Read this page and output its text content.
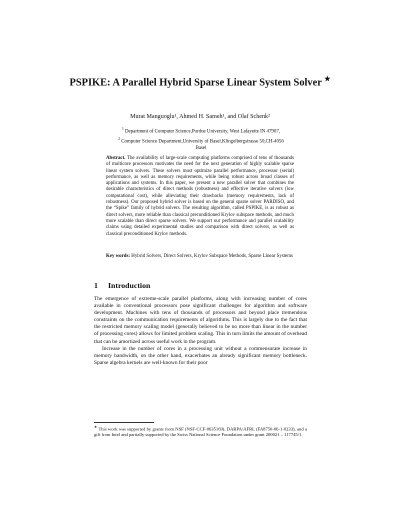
PSPIKE: A Parallel Hybrid Sparse Linear System Solver ★
Murat Manguoglu¹, Ahmed H. Sameh¹, and Olaf Schenk²
$^1$ Department of Computer Science,Purdue University, West Lafayette IN 47907,
$^2$ Computer Science Department,University of Basel,Klingelbergstrasse 50,CH-4056
Basel
Abstract. The availability of large-scale computing platforms comprised of tens of thousands of multicore processors motivates the need for the next generation of highly scalable sparse linear system solvers. These solvers must optimize parallel performance, processor (serial) performance, as well as memory requirements, while being robust across broad classes of applications and systems. In this paper, we present a new parallel solver that combines the desirable characteristics of direct methods (robustness) and effective iterative solvers (low computational cost), while alleviating their drawbacks (memory requirements, lack of robustness). Our proposed hybrid solver is based on the general sparse solver PARDISO, and the “Spike” family of hybrid solvers. The resulting algorithm, called PSPIKE, is as robust as direct solvers, more reliable than classical preconditioned Krylov subspace methods, and much more scalable than direct sparse solvers. We support our performance and parallel scalability claims using detailed experimental studies and comparison with direct solvers, as well as classical preconditioned Krylov methods.
Key words: Hybrid Solvers, Direct Solvers, Krylov Subspace Methods, Sparse Linear Systems
1 Introduction

The emergence of extreme-scale parallel platforms, along with increasing number of cores available in conventional processors pose significant challenges for algorithm and software development. Machines with tens of thousands of processors and beyond place tremendous constraints on the communication requirements of algorithms. This is largely due to the fact that the restricted memory scaling model (generally believed to be no more than linear in the number of processing cores) allows for limited problem scaling. This in turn limits the amount of overhead that can be amortized across useful work in the program.

Increase in the number of cores in a processing unit without a commensurate increase in memory bandwidth, on the other hand, exacerbates an already significant memory bottleneck. Sparse algebra kernels are well-known for their poor

★ This work was supported by grants from NSF (NSF-CCF-0635169), DARPA/AFRL (FA8750-06-1-0233), and a gift from Intel and partially supported by the Swiss National Science Foundation under grant 200021 – 117745/1.
